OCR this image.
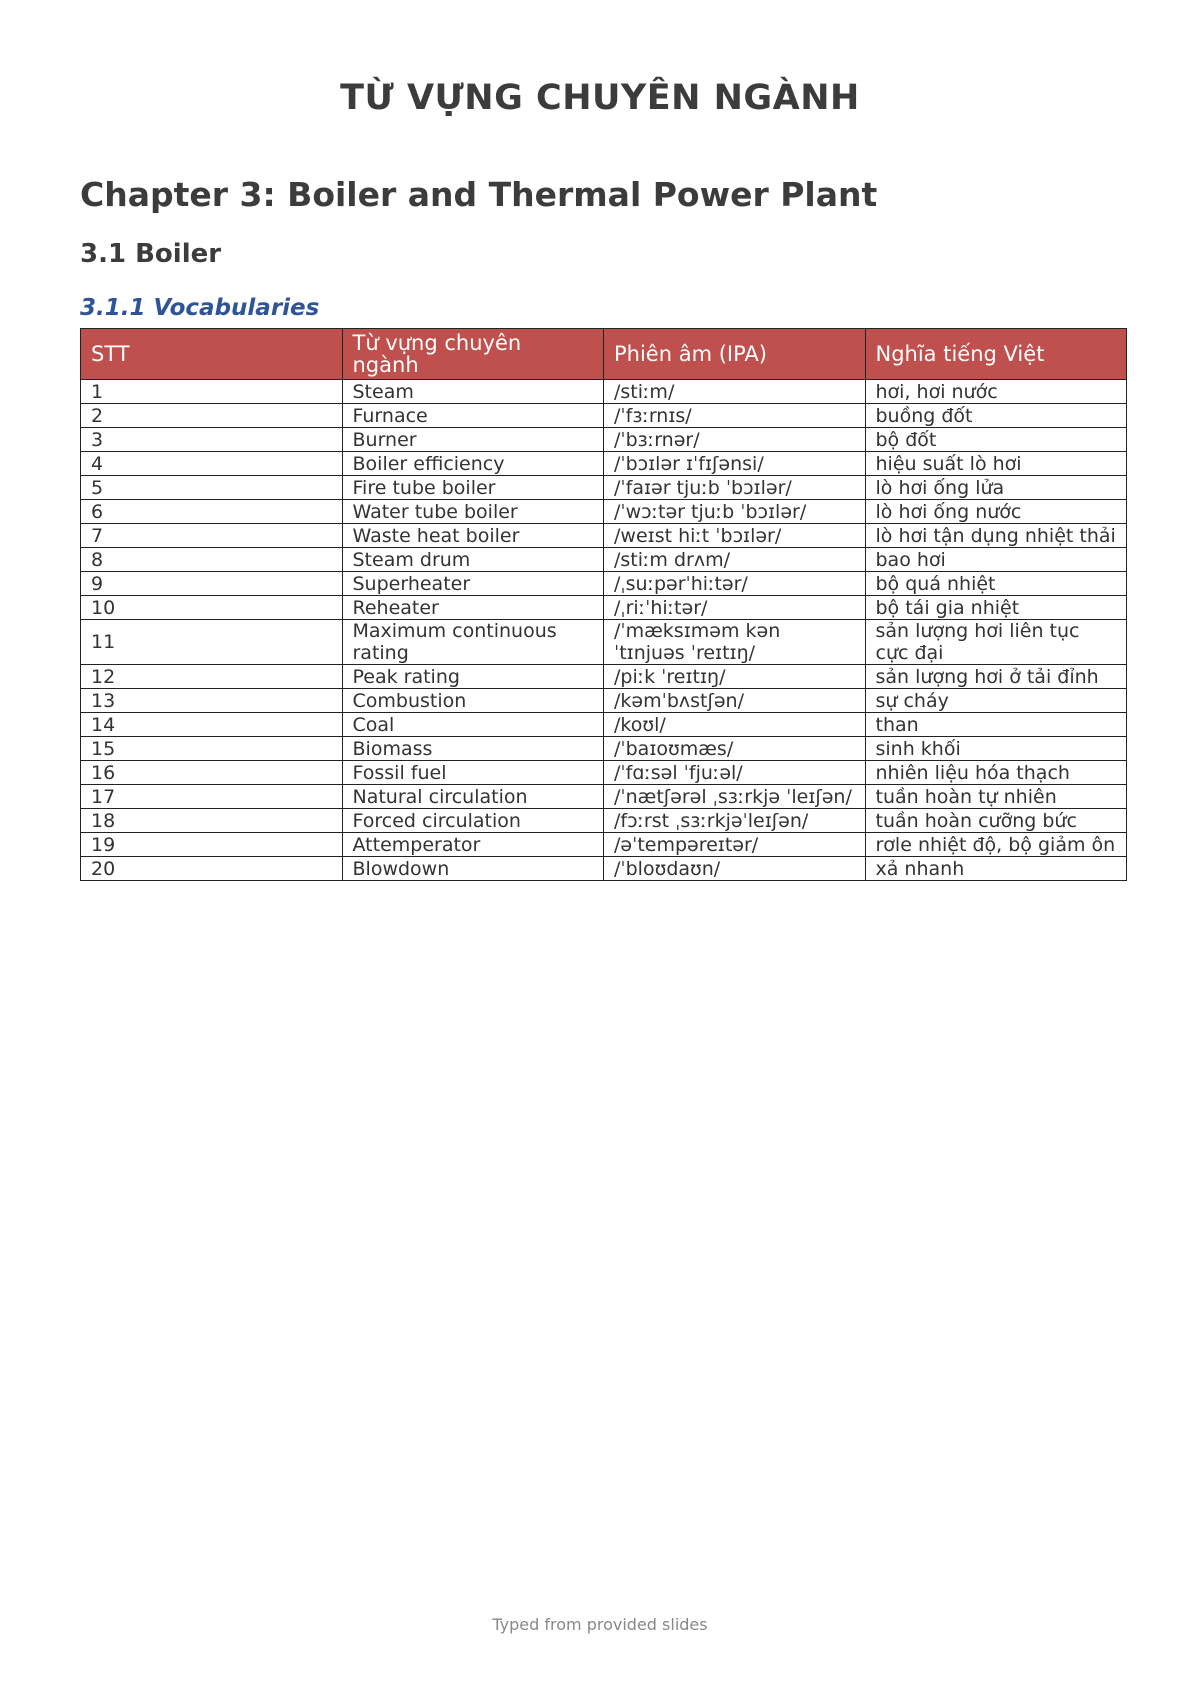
TỪ VỰNG CHUYÊN NGÀNH
Chapter 3: Boiler and Thermal Power Plant
3.1 Boiler
3.1.1 Vocabularies
STT	Từ vựng chuyên ngành	Phiên âm (IPA)	Nghĩa tiếng Việt
1	Steam	/stiːm/	hơi, hơi nước
2	Furnace	/ˈfɜːrnɪs/	buồng đốt
3	Burner	/ˈbɜːrnər/	bộ đốt
4	Boiler efficiency	/ˈbɔɪlər ɪˈfɪʃənsi/	hiệu suất lò hơi
5	Fire tube boiler	/ˈfaɪər tjuːb ˈbɔɪlər/	lò hơi ống lửa
6	Water tube boiler	/ˈwɔːtər tjuːb ˈbɔɪlər/	lò hơi ống nước
7	Waste heat boiler	/weɪst hiːt ˈbɔɪlər/	lò hơi tận dụng nhiệt thải
8	Steam drum	/stiːm drʌm/	bao hơi
9	Superheater	/ˌsuːpərˈhiːtər/	bộ quá nhiệt
10	Reheater	/ˌriːˈhiːtər/	bộ tái gia nhiệt
11	Maximum continuous rating	/ˈmæksɪməm kən ˈtɪnjuəs ˈreɪtɪŋ/	sản lượng hơi liên tục cực đại
12	Peak rating	/piːk ˈreɪtɪŋ/	sản lượng hơi ở tải đỉnh
13	Combustion	/kəmˈbʌstʃən/	sự cháy
14	Coal	/koʊl/	than
15	Biomass	/ˈbaɪoʊmæs/	sinh khối
16	Fossil fuel	/ˈfɑːsəl ˈfjuːəl/	nhiên liệu hóa thạch
17	Natural circulation	/ˈnætʃərəl ˌsɜːrkjə ˈleɪʃən/	tuần hoàn tự nhiên
18	Forced circulation	/fɔːrst ˌsɜːrkjəˈleɪʃən/	tuần hoàn cưỡng bức
19	Attemperator	/əˈtempəreɪtər/	rơle nhiệt độ, bộ giảm ôn
20	Blowdown	/ˈbloʊdaʊn/	xả nhanh
Typed from provided slides
